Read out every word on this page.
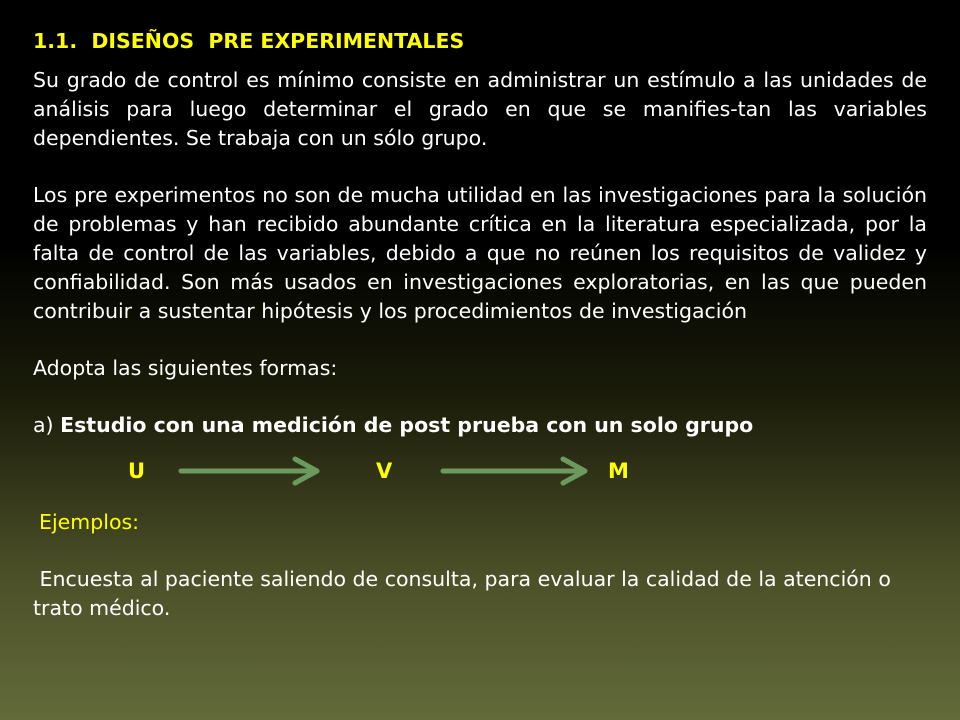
1.1.  DISEÑOS  PRE EXPERIMENTALES

Su grado de control es mínimo consiste en administrar un estímulo a las unidades de análisis para luego determinar el grado en que se manifies-tan las variables dependientes. Se trabaja con un sólo grupo.

Los pre experimentos no son de mucha utilidad en las investigaciones para la solución de problemas y han recibido abundante crítica en la literatura especializada, por la falta de control de las variables, debido a que no reúnen los requisitos de validez y confiabilidad. Son más usados en investigaciones exploratorias, en las que pueden contribuir a sustentar hipótesis y los procedimientos de investigación

Adopta las siguientes formas:

a) Estudio con una medición de post prueba con un solo grupo

U	V	M

Ejemplos:

Encuesta al paciente saliendo de consulta, para evaluar la calidad de la atención o trato médico.
